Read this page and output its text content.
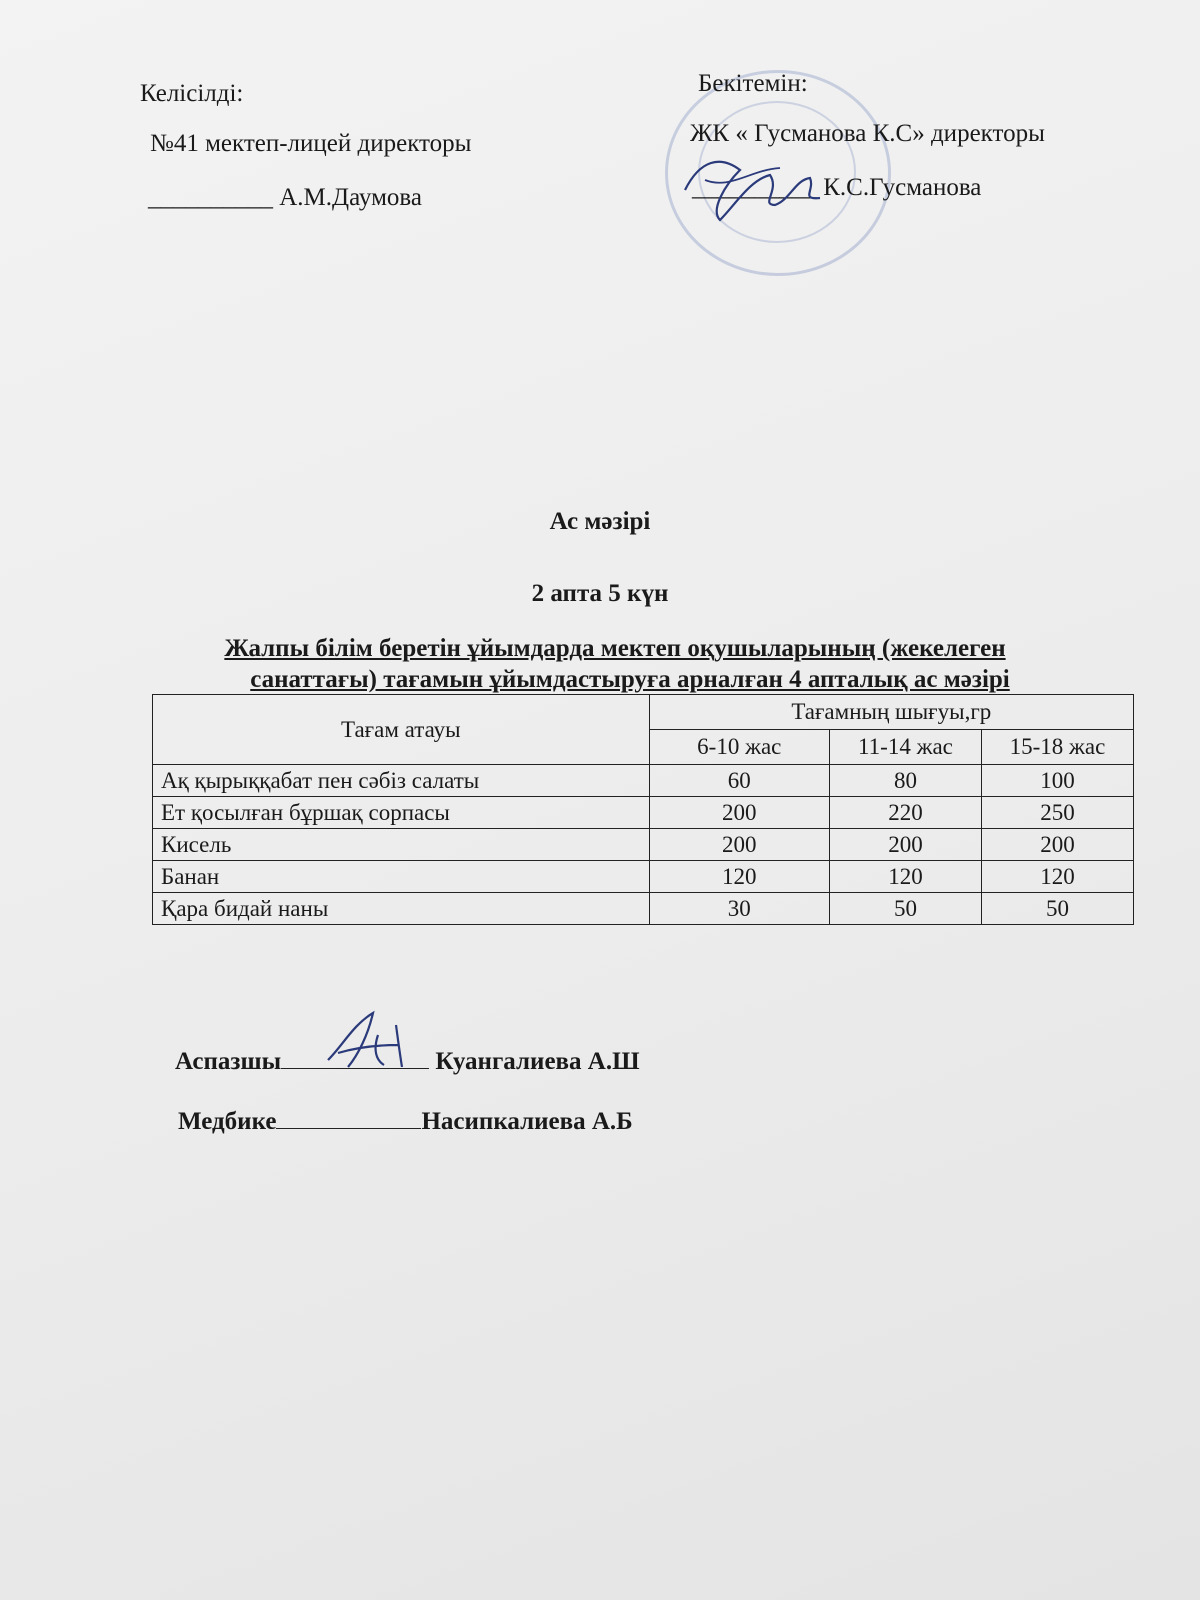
Келісілді:
№41 мектеп-лицей директоры
__________ А.М.Даумова
Бекітемін:
ЖК « Гусманова К.С» директоры
__________ К.С.Гусманова
Ас мәзірі
2 апта 5 күн
Жалпы білім беретін ұйымдарда мектеп оқушыларының (жекелеген
санаттағы) тағамын ұйымдастыруға арналған 4 апталық ас мәзірі
Тағам атауы	Тағамның шығуы,гр		
	6-10 жас	11-14 жас	15-18 жас
Ақ қырыққабат пен сәбіз салаты	60	80	100
Ет қосылған бұршақ сорпасы	200	220	250
Кисель	200	200	200
Банан	120	120	120
Қара бидай наны	30	50	50
Аспазшы	Куангалиева А.Ш
Медбике	Насипкалиева А.Б
